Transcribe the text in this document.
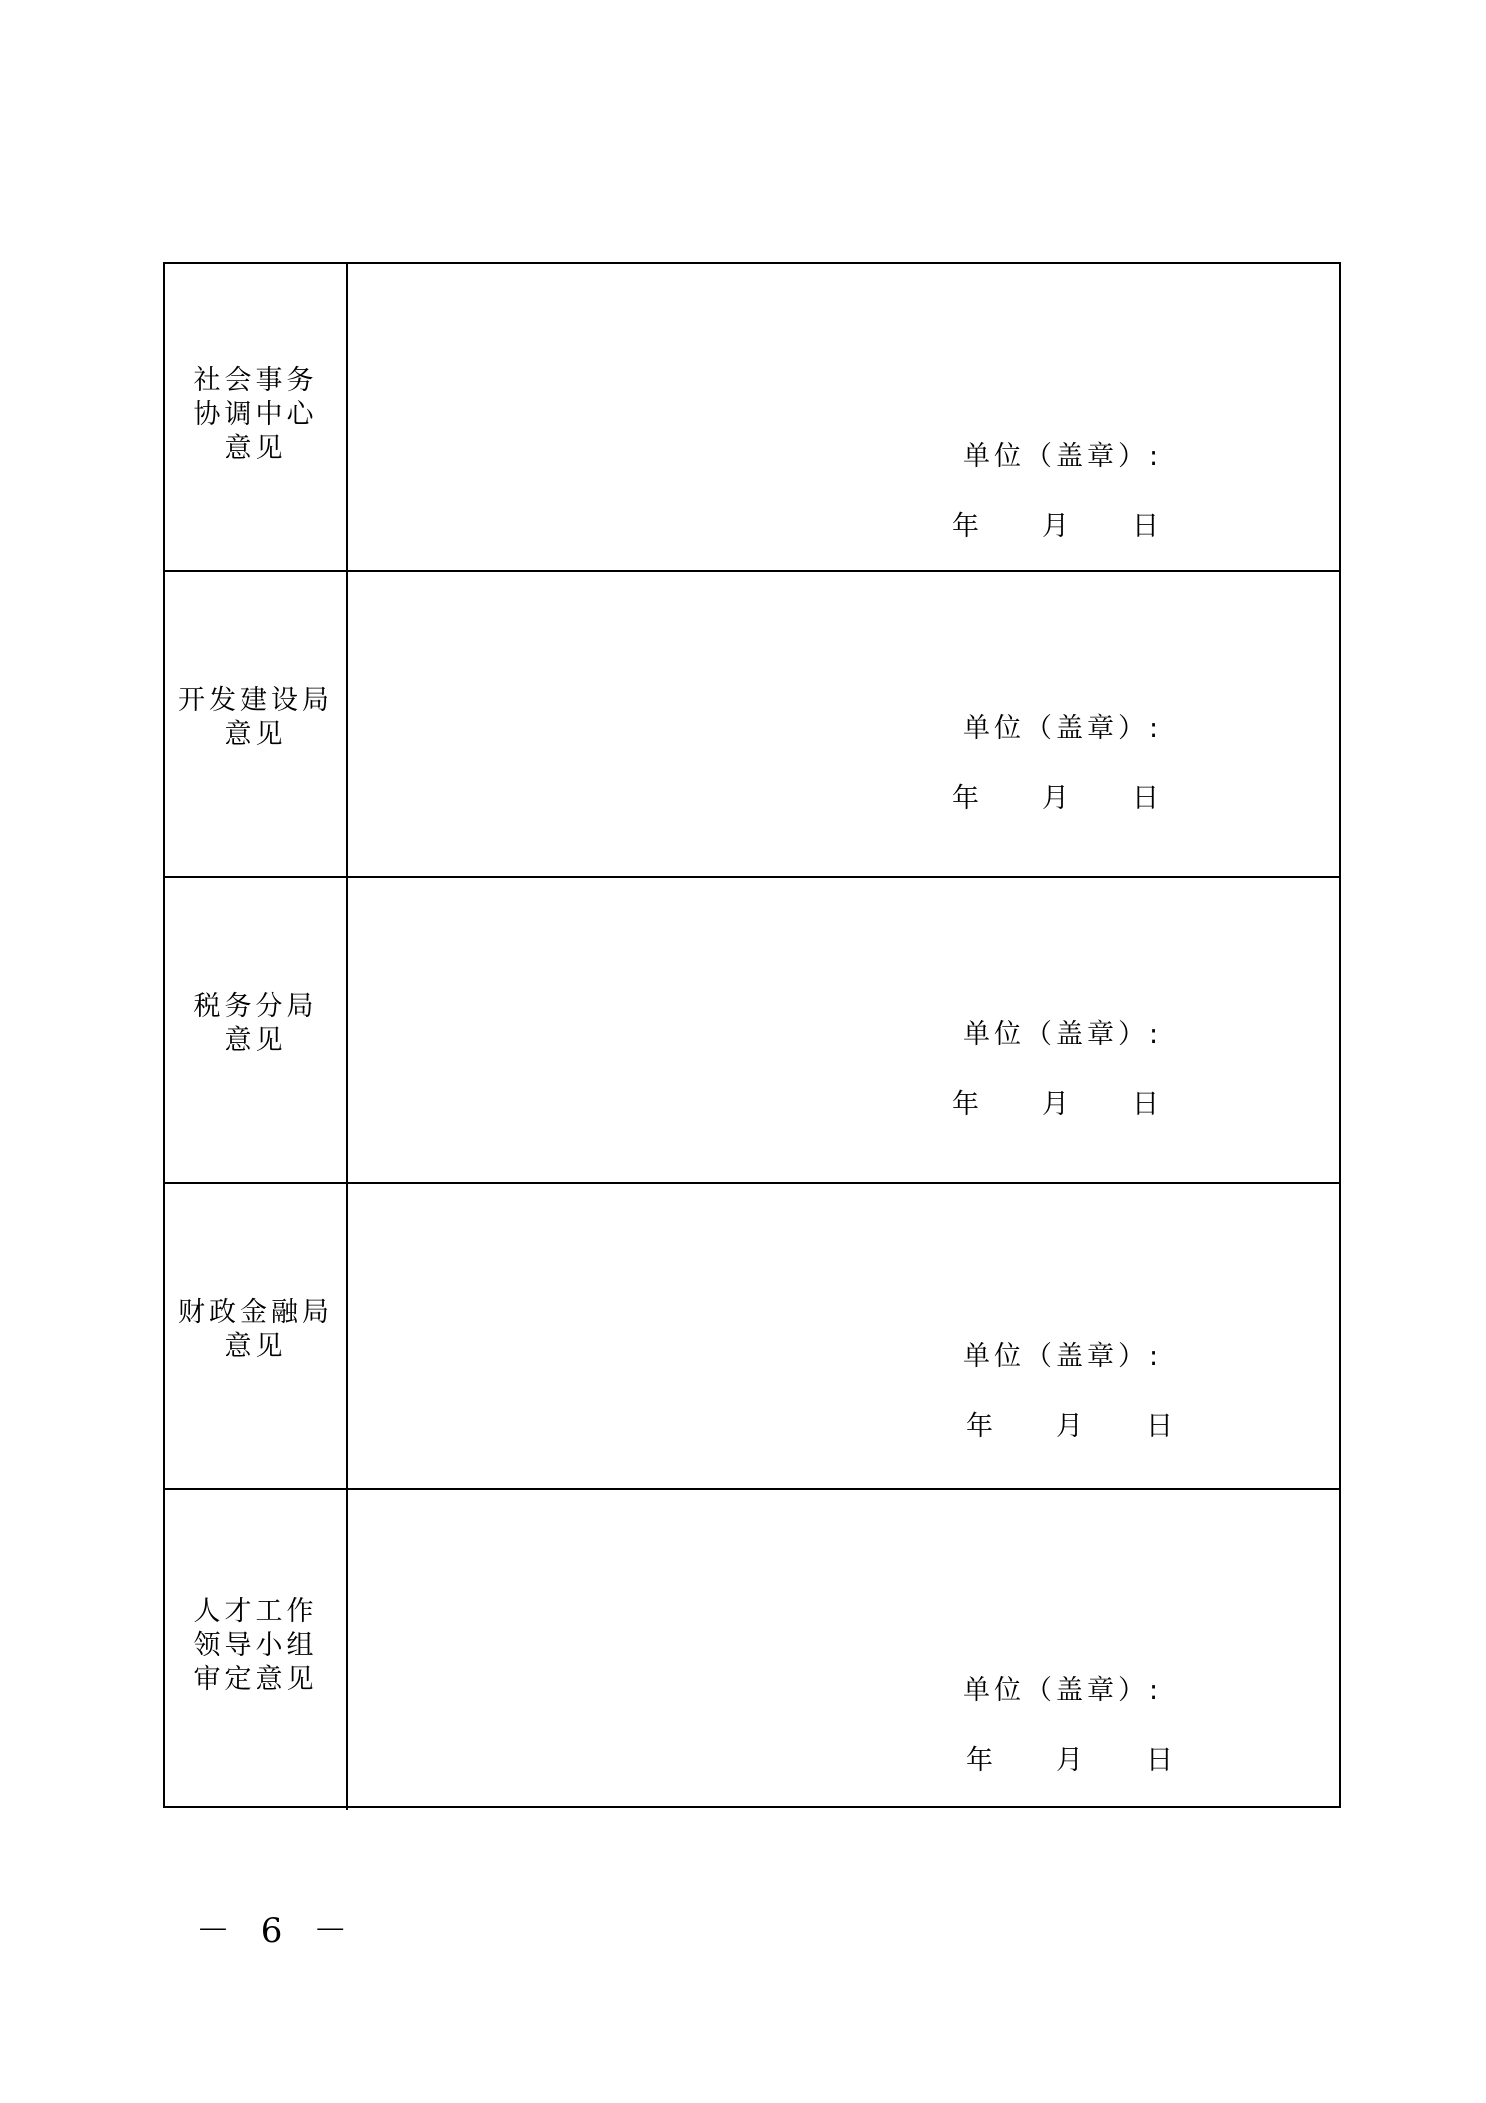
社会事务
协调中心
意见	单位（盖章）:
年 月 日
开发建设局
意见	单位（盖章）:
年 月 日
税务分局
意见	单位（盖章）:
年 月 日
财政金融局
意见	单位（盖章）:
年 月 日
人才工作
领导小组
审定意见	单位（盖章）:
年 月 日
－ 6 －
